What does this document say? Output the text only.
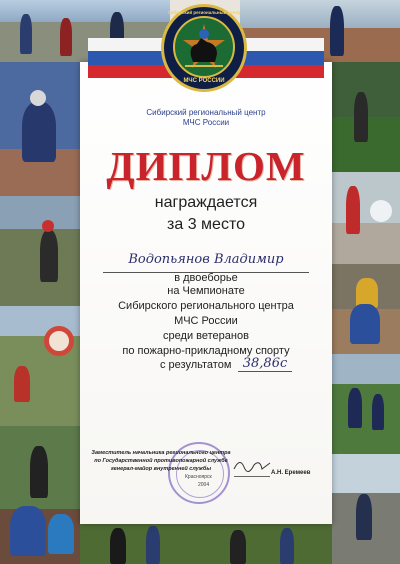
Сибирский региональный центр
МЧС РОССИИ
Сибирский региональный центр
МЧС России
ДИПЛОМ
награждается
за 3 место
Водопьянов Владимир
в двоеборье
на Чемпионате
Сибирского регионального центра
МЧС России
среди ветеранов
по пожарно-прикладному спорту
с результатом 38,86с
Красноярск
2004
Заместитель начальника регионального центра
по Государственной противопожарной службе
генерал-майор внутренней службы
А.Н. Еремеев
